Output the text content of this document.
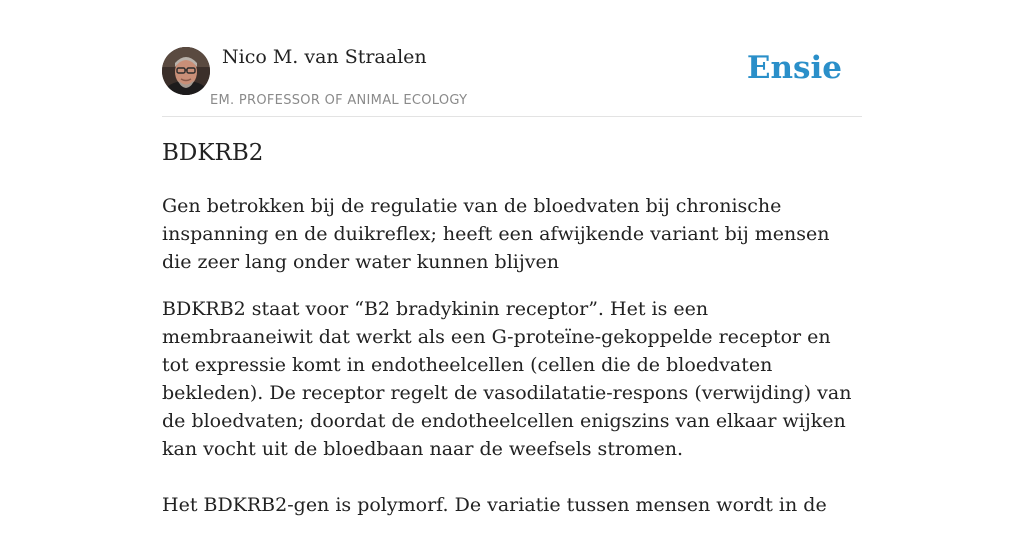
Nico M. van Straalen
EM. PROFESSOR OF ANIMAL ECOLOGY
Ensie
BDKRB2

Gen betrokken bij de regulatie van de bloedvaten bij chronische inspanning en de duikreflex; heeft een afwijkende variant bij mensen die zeer lang onder water kunnen blijven

BDKRB2 staat voor “B2 bradykinin receptor”. Het is een membraaneiwit dat werkt als een G-proteïne-gekoppelde receptor en tot expressie komt in endotheelcellen (cellen die de bloedvaten bekleden). De receptor regelt de vasodilatatie-respons (verwijding) van de bloedvaten; doordat de endotheelcellen enigszins van elkaar wijken kan vocht uit de bloedbaan naar de weefsels stromen.

Het BDKRB2-gen is polymorf. De variatie tussen mensen wordt in de
